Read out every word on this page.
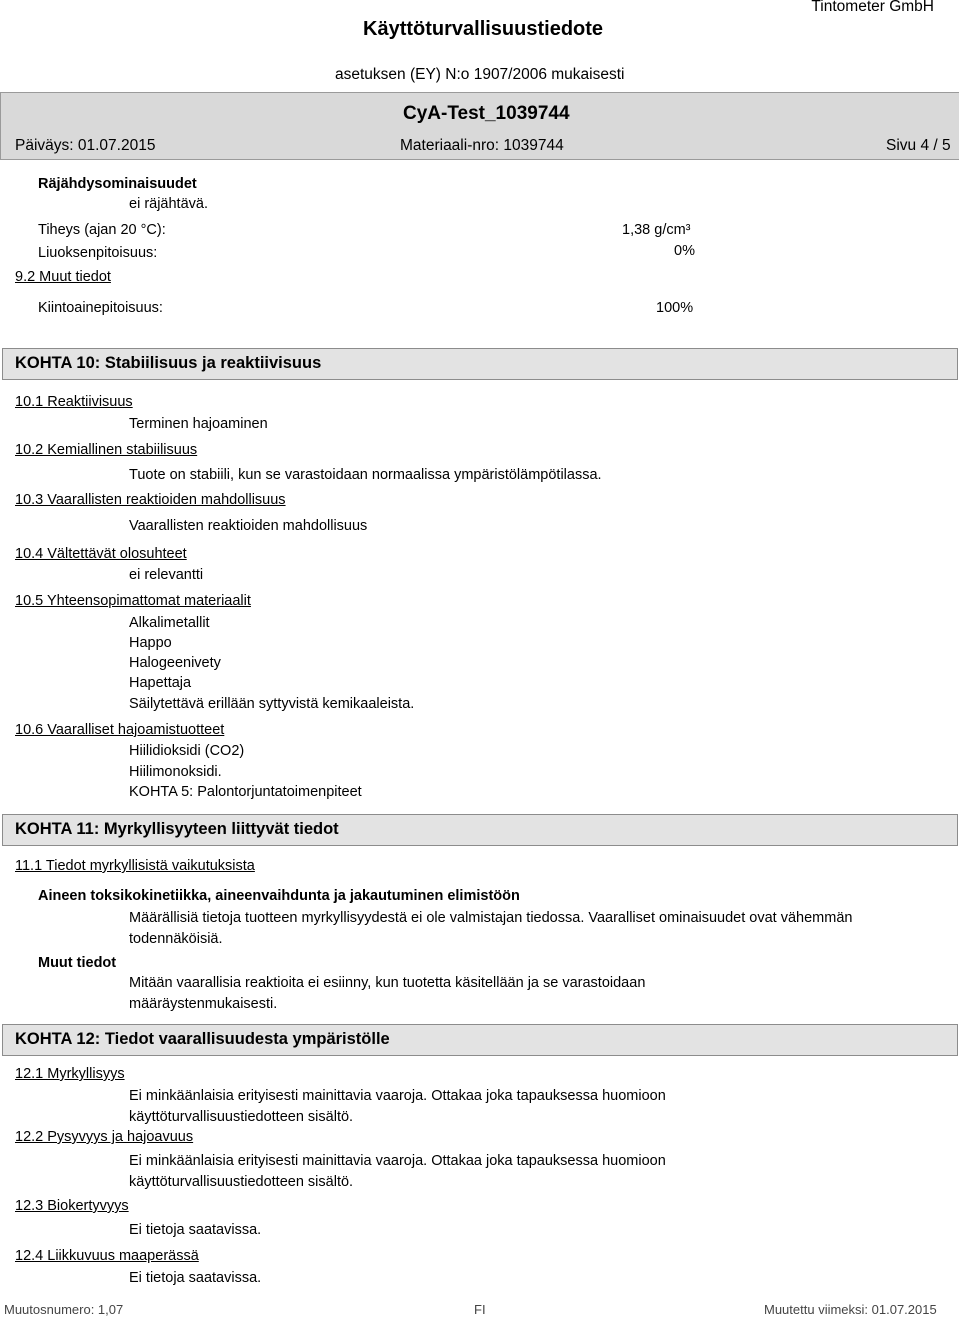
Tintometer GmbH
Käyttöturvallisuustiedote
asetuksen (EY) N:o 1907/2006 mukaisesti
CyA-Test_1039744
Päiväys: 01.07.2015	Materiaali-nro: 1039744	Sivu 4 / 5
Räjähdysominaisuudet
ei räjähtävä.
Tiheys (ajan 20 °C):	1,38 g/cm³
Liuoksenpitoisuus:	0%
9.2 Muut tiedot
Kiintoainepitoisuus:	100%
KOHTA 10: Stabiilisuus ja reaktiivisuus
10.1 Reaktiivisuus
Terminen hajoaminen
10.2 Kemiallinen stabiilisuus
Tuote on stabiili, kun se varastoidaan normaalissa ympäristölämpötilassa.
10.3 Vaarallisten reaktioiden mahdollisuus
Vaarallisten reaktioiden mahdollisuus
10.4 Vältettävät olosuhteet
ei relevantti
10.5 Yhteensopimattomat materiaalit
Alkalimetallit
Happo
Halogeenivety
Hapettaja
Säilytettävä erillään syttyvistä kemikaaleista.
10.6 Vaaralliset hajoamistuotteet
Hiilidioksidi (CO2)
Hiilimonoksidi.
KOHTA 5: Palontorjuntatoimenpiteet
KOHTA 11: Myrkyllisyyteen liittyvät tiedot
11.1 Tiedot myrkyllisistä vaikutuksista
Aineen toksikokinetiikka, aineenvaihdunta ja jakautuminen elimistöön
Määrällisiä tietoja tuotteen myrkyllisyydestä ei ole valmistajan tiedossa. Vaaralliset ominaisuudet ovat vähemmän todennäköisiä.
Muut tiedot
Mitään vaarallisia reaktioita ei esiinny, kun tuotetta käsitellään ja se varastoidaan määräystenmukaisesti.
KOHTA 12: Tiedot vaarallisuudesta ympäristölle
12.1 Myrkyllisyys
Ei minkäänlaisia erityisesti mainittavia vaaroja. Ottakaa joka tapauksessa huomioon käyttöturvallisuustiedotteen sisältö.
12.2 Pysyvyys ja hajoavuus
Ei minkäänlaisia erityisesti mainittavia vaaroja. Ottakaa joka tapauksessa huomioon käyttöturvallisuustiedotteen sisältö.
12.3 Biokertyvyys
Ei tietoja saatavissa.
12.4 Liikkuvuus maaperässä
Ei tietoja saatavissa.
Muutosnumero: 1,07	FI	Muutettu viimeksi: 01.07.2015
